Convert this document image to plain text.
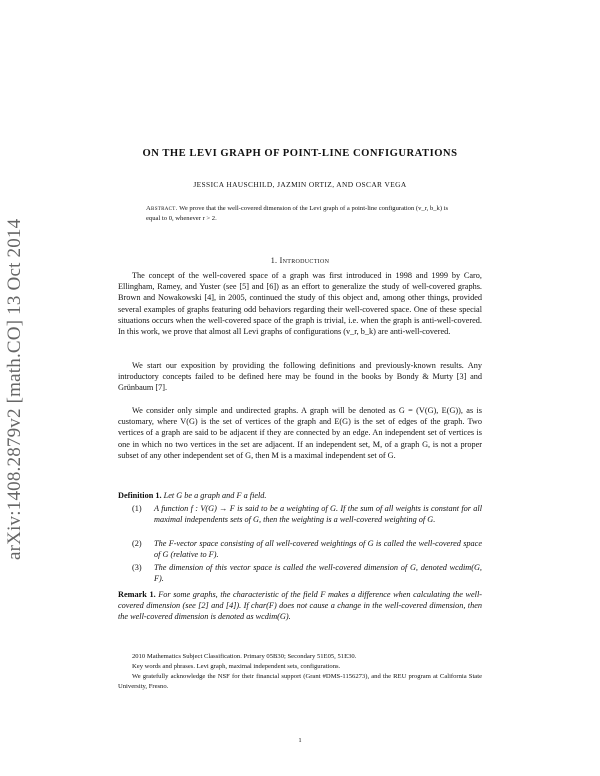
arXiv:1408.2879v2 [math.CO] 13 Oct 2014
ON THE LEVI GRAPH OF POINT-LINE CONFIGURATIONS
JESSICA HAUSCHILD, JAZMIN ORTIZ, AND OSCAR VEGA
Abstract. We prove that the well-covered dimension of the Levi graph of a point-line configuration (v_r, b_k) is equal to 0, whenever r > 2.
1. Introduction

The concept of the well-covered space of a graph was first introduced in 1998 and 1999 by Caro, Ellingham, Ramey, and Yuster (see [5] and [6]) as an effort to generalize the study of well-covered graphs. Brown and Nowakowski [4], in 2005, continued the study of this object and, among other things, provided several examples of graphs featuring odd behaviors regarding their well-covered space. One of these special situations occurs when the well-covered space of the graph is trivial, i.e. when the graph is anti-well-covered. In this work, we prove that almost all Levi graphs of configurations (v_r, b_k) are anti-well-covered.

We start our exposition by providing the following definitions and previously-known results. Any introductory concepts failed to be defined here may be found in the books by Bondy & Murty [3] and Grünbaum [7].

We consider only simple and undirected graphs. A graph will be denoted as G = (V(G), E(G)), as is customary, where V(G) is the set of vertices of the graph and E(G) is the set of edges of the graph. Two vertices of a graph are said to be adjacent if they are connected by an edge. An independent set of vertices is one in which no two vertices in the set are adjacent. If an independent set, M, of a graph G, is not a proper subset of any other independent set of G, then M is a maximal independent set of G.

Definition 1. Let G be a graph and F a field.
(1) A function f : V(G) → F is said to be a weighting of G. If the sum of all weights is constant for all maximal independents sets of G, then the weighting is a well-covered weighting of G.
(2) The F-vector space consisting of all well-covered weightings of G is called the well-covered space of G (relative to F).
(3) The dimension of this vector space is called the well-covered dimension of G, denoted wcdim(G, F).
Remark 1. For some graphs, the characteristic of the field F makes a difference when calculating the well-covered dimension (see [2] and [4]). If char(F) does not cause a change in the well-covered dimension, then the well-covered dimension is denoted as wcdim(G).

2010 Mathematics Subject Classification. Primary 05B30; Secondary 51E05, 51E30.

Key words and phrases. Levi graph, maximal independent sets, configurations.

We gratefully acknowledge the NSF for their financial support (Grant #DMS-1156273), and the REU program at California State University, Fresno.

1
